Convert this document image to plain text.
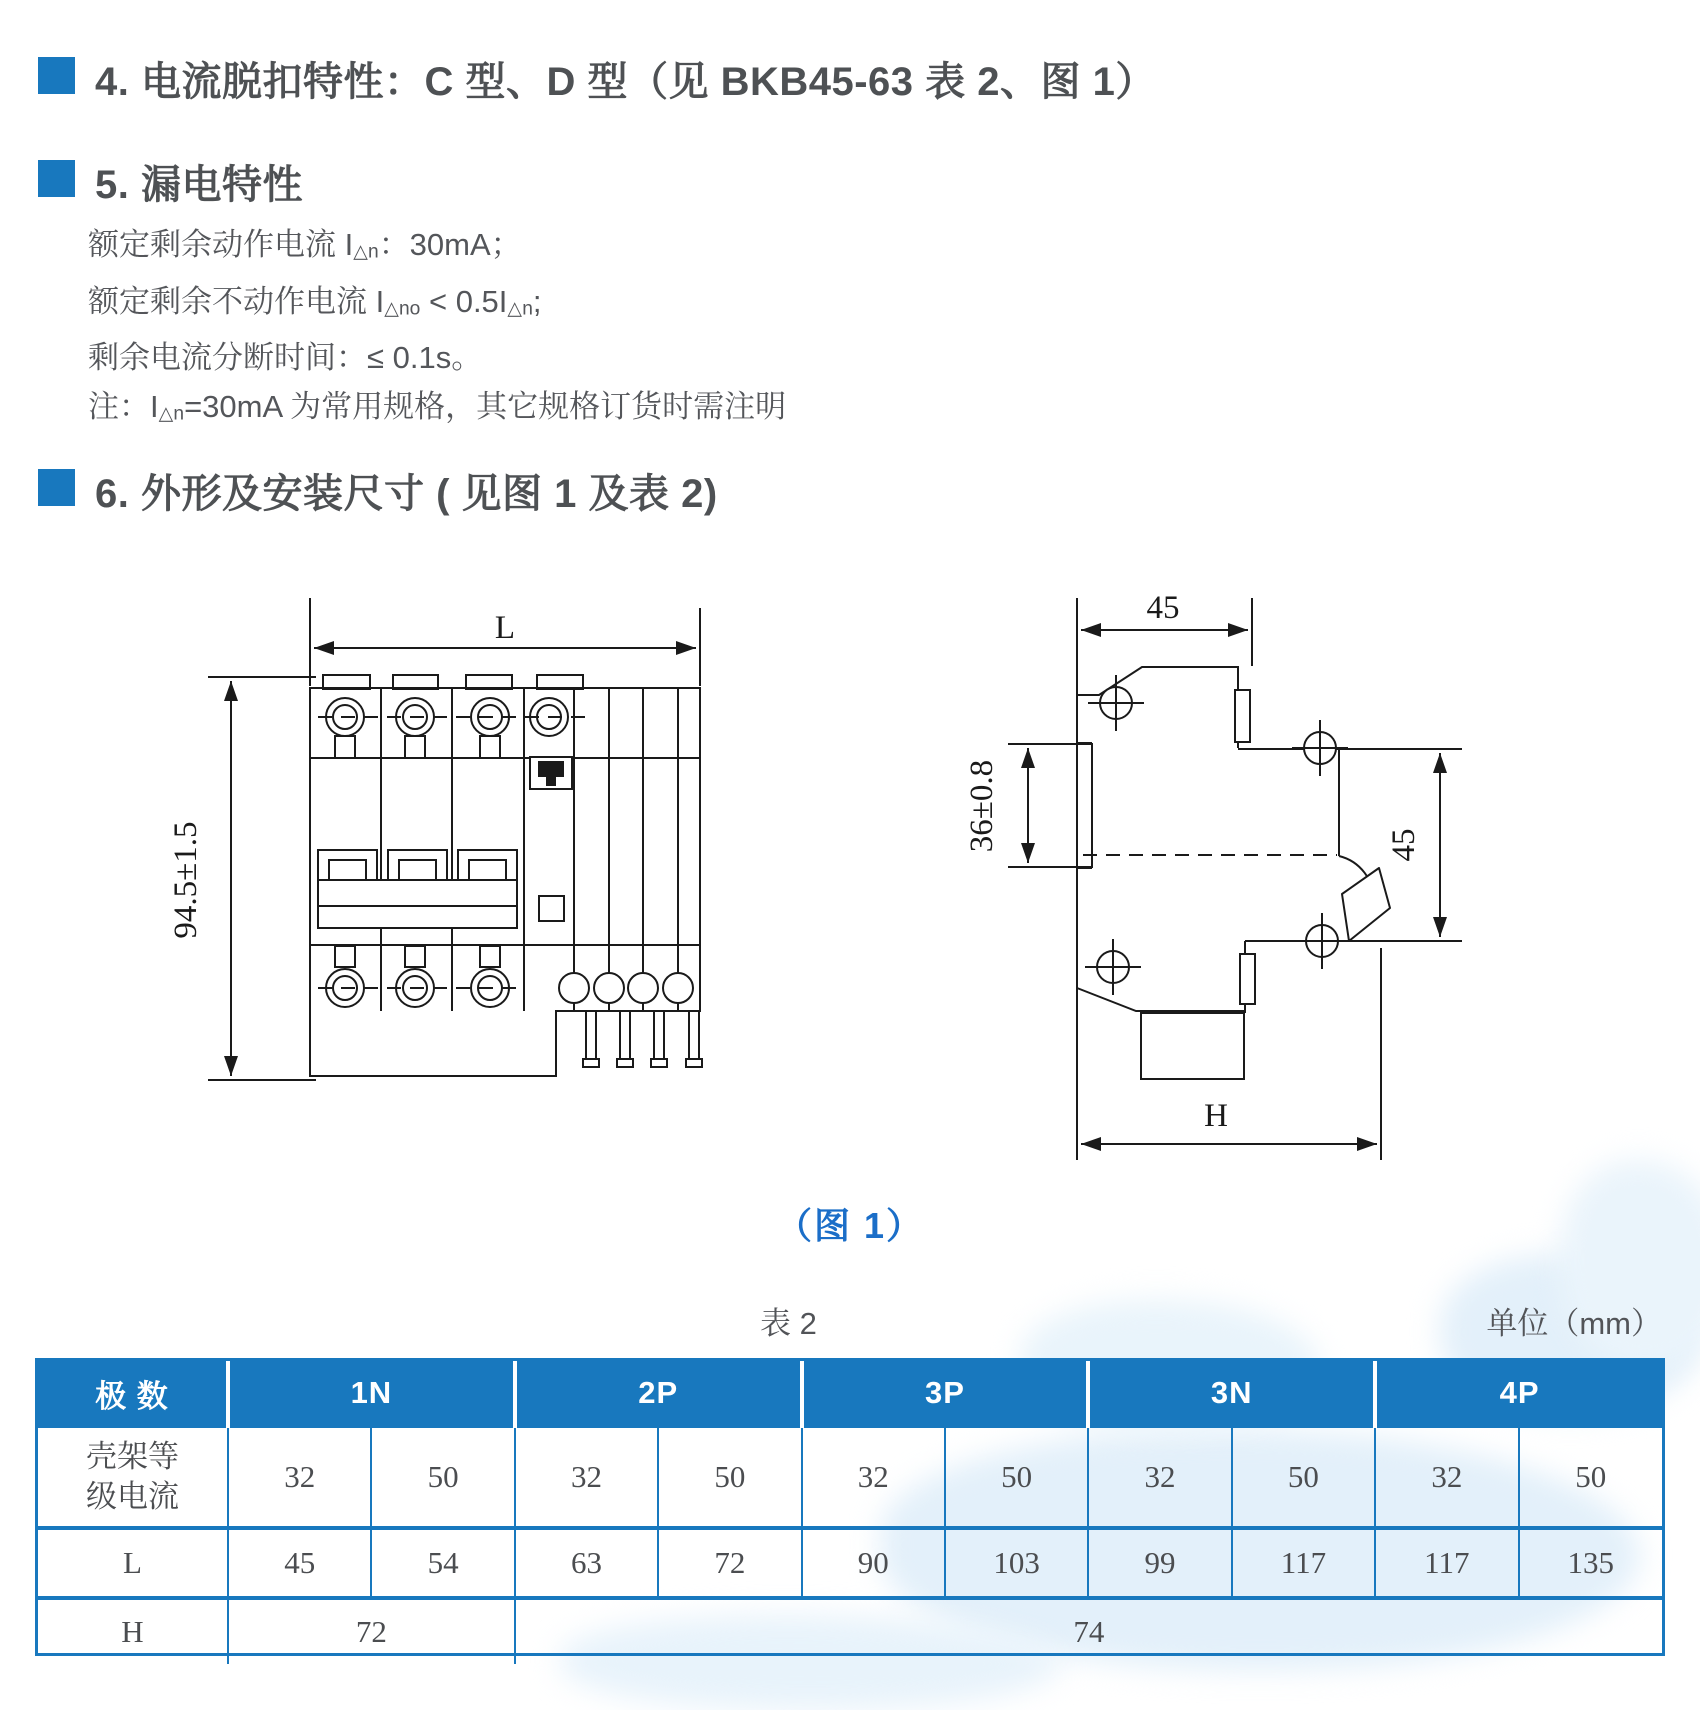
4. 电流脱扣特性：C 型、D 型（见 BKB45-63 表 2、图 1）
5. 漏电特性
额定剩余动作电流 I△n：30mA；
额定剩余不动作电流 I△no < 0.5I△n;
剩余电流分断时间：≤ 0.1s。
注：I△n=30mA 为常用规格，其它规格订货时需注明
6. 外形及安装尺寸 ( 见图 1 及表 2)
L
94.5±1.5
45
36±0.8	45
H
（图 1）
表 2	单位（mm）
极 数	1N		2P		3P		3N		4P	
壳架等
级电流	32	50	32	50	32	50	32	50	32	50
L	45	54	63	72	90	103	99	117	117	135
H	72		74							
